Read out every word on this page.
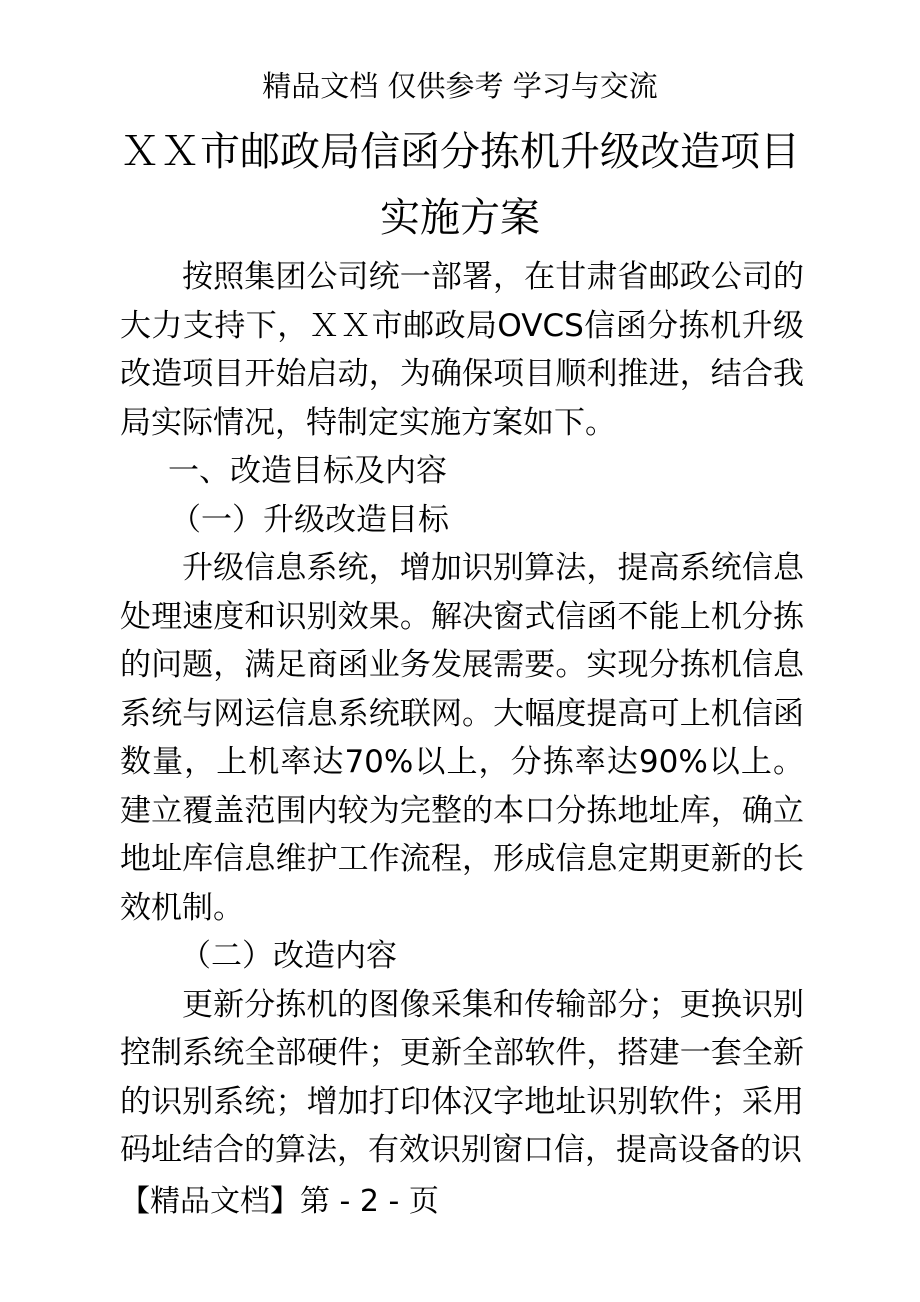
精品文档 仅供参考 学习与交流
ＸＸ市邮政局信函分拣机升级改造项目
实施方案

按照集团公司统一部署，在甘肃省邮政公司的大力支持下，ＸＸ市邮政局OVCS信函分拣机升级改造项目开始启动，为确保项目顺利推进，结合我局实际情况，特制定实施方案如下。

一、改造目标及内容

（一）升级改造目标

升级信息系统，增加识别算法，提高系统信息处理速度和识别效果。解决窗式信函不能上机分拣的问题，满足商函业务发展需要。实现分拣机信息系统与网运信息系统联网。大幅度提高可上机信函数量，上机率达70%以上，分拣率达90%以上。建立覆盖范围内较为完整的本口分拣地址库，确立地址库信息维护工作流程，形成信息定期更新的长效机制。

（二）改造内容

更新分拣机的图像采集和传输部分；更换识别控制系统全部硬件；更新全部软件，搭建一套全新的识别系统；增加打印体汉字地址识别软件；采用码址结合的算法，有效识别窗口信，提高设备的识

【精品文档】第 - 2 - 页
